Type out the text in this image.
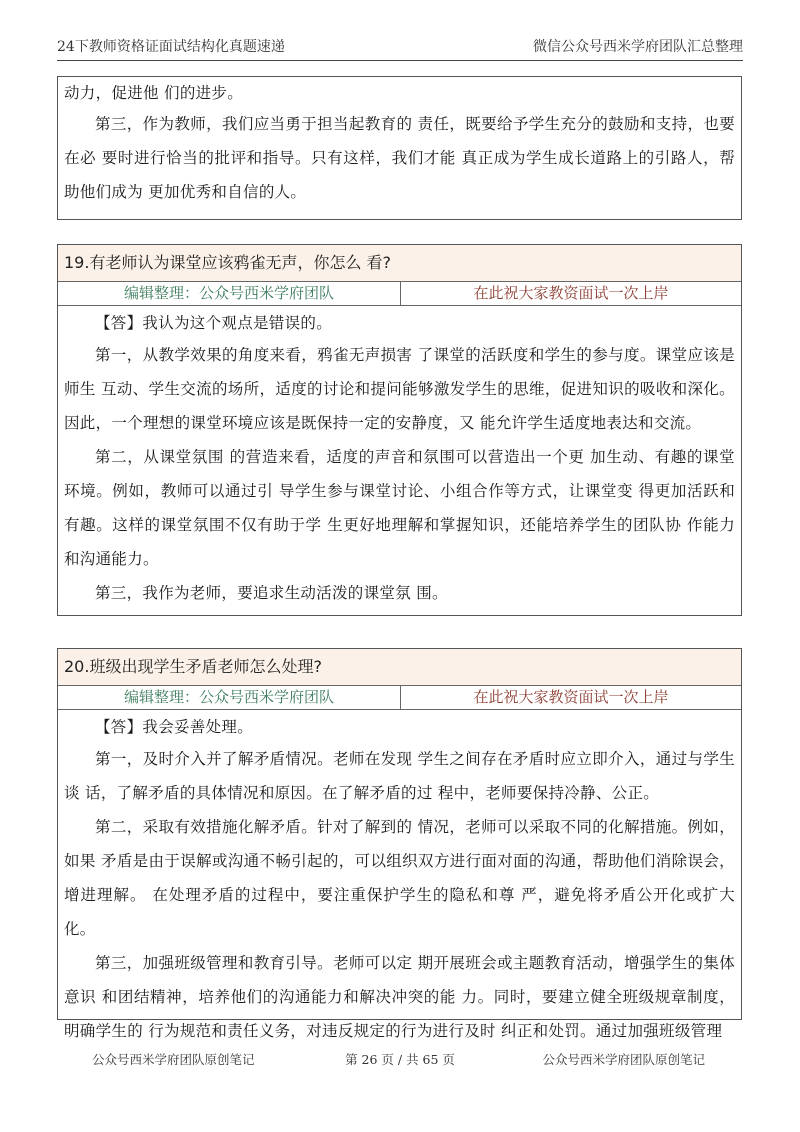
24下教师资格证面试结构化真题速递	微信公众号西米学府团队汇总整理

动力，促进他 们的进步。

第三，作为教师，我们应当勇于担当起教育的 责任，既要给予学生充分的鼓励和支持，也要在必 要时进行恰当的批评和指导。只有这样，我们才能 真正成为学生成长道路上的引路人，帮助他们成为 更加优秀和自信的人。

19.有老师认为课堂应该鸦雀无声，你怎么 看?
编辑整理：公众号西米学府团队	在此祝大家教资面试一次上岸

【答】我认为这个观点是错误的。

第一，从教学效果的角度来看，鸦雀无声损害 了课堂的活跃度和学生的参与度。课堂应该是师生 互动、学生交流的场所，适度的讨论和提问能够激发学生的思维，促进知识的吸收和深化。因此，一个理想的课堂环境应该是既保持一定的安静度，又 能允许学生适度地表达和交流。

第二，从课堂氛围 的营造来看，适度的声音和氛围可以营造出一个更 加生动、有趣的课堂环境。例如，教师可以通过引 导学生参与课堂讨论、小组合作等方式，让课堂变 得更加活跃和有趣。这样的课堂氛围不仅有助于学 生更好地理解和掌握知识，还能培养学生的团队协 作能力和沟通能力。

第三，我作为老师，要追求生动活泼的课堂氛 围。

20.班级出现学生矛盾老师怎么处理?
编辑整理：公众号西米学府团队	在此祝大家教资面试一次上岸

【答】我会妥善处理。

第一，及时介入并了解矛盾情况。老师在发现 学生之间存在矛盾时应立即介入，通过与学生谈 话，了解矛盾的具体情况和原因。在了解矛盾的过 程中，老师要保持冷静、公正。

第二，采取有效措施化解矛盾。针对了解到的 情况，老师可以采取不同的化解措施。例如，如果 矛盾是由于误解或沟通不畅引起的，可以组织双方进行面对面的沟通，帮助他们消除误会，增进理解。 在处理矛盾的过程中，要注重保护学生的隐私和尊 严，避免将矛盾公开化或扩大化。

第三，加强班级管理和教育引导。老师可以定 期开展班会或主题教育活动，增强学生的集体意识 和团结精神，培养他们的沟通能力和解决冲突的能 力。同时，要建立健全班级规章制度，明确学生的 行为规范和责任义务，对违反规定的行为进行及时 纠正和处罚。通过加强班级管理

公众号西米学府团队原创笔记	第 26 页 / 共 65 页	公众号西米学府团队原创笔记
